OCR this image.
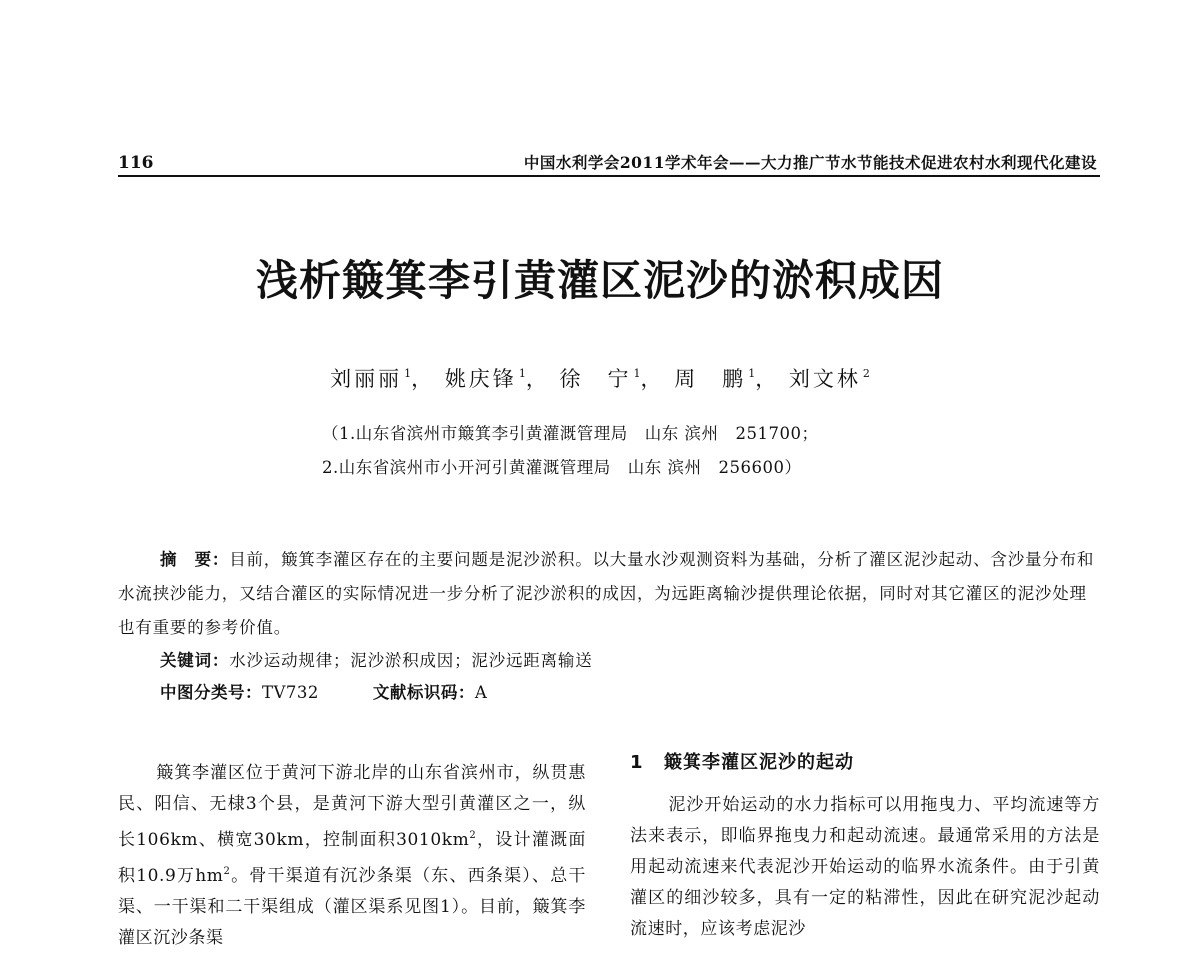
116	中国水利学会2011学术年会——大力推广节水节能技术促进农村水利现代化建设
浅析簸箕李引黄灌区泥沙的淤积成因
刘丽丽 $^1$， 姚庆锋 $^1$， 徐　宁 $^1$， 周　鹏 $^1$， 刘文林 $^2$
（1.山东省滨州市簸箕李引黄灌溉管理局　山东 滨州　251700；
2.山东省滨州市小开河引黄灌溉管理局　山东 滨州　256600）
摘　要：目前，簸箕李灌区存在的主要问题是泥沙淤积。以大量水沙观测资料为基础，分析了灌区泥沙起动、含沙量分布和水流挟沙能力，又结合灌区的实际情况进一步分析了泥沙淤积的成因，为远距离输沙提供理论依据，同时对其它灌区的泥沙处理也有重要的参考价值。
关键词：水沙运动规律；泥沙淤积成因；泥沙远距离输送
中图分类号：TV732	文献标识码：A
簸箕李灌区位于黄河下游北岸的山东省滨州市，纵贯惠民、阳信、无棣3个县，是黄河下游大型引黄灌区之一，纵长106km、横宽30km，控制面积$3010km^2$，设计灌溉面积10.9万$hm^2$。骨干渠道有沉沙条渠（东、西条渠）、总干渠、一干渠和二干渠组成（灌区渠系见图1）。目前，簸箕李灌区沉沙条渠
1 簸箕李灌区泥沙的起动
泥沙开始运动的水力指标可以用拖曳力、平均流速等方法来表示，即临界拖曳力和起动流速。最通常采用的方法是用起动流速来代表泥沙开始运动的临界水流条件。由于引黄灌区的细沙较多，具有一定的粘滞性，因此在研究泥沙起动流速时，应该考虑泥沙
